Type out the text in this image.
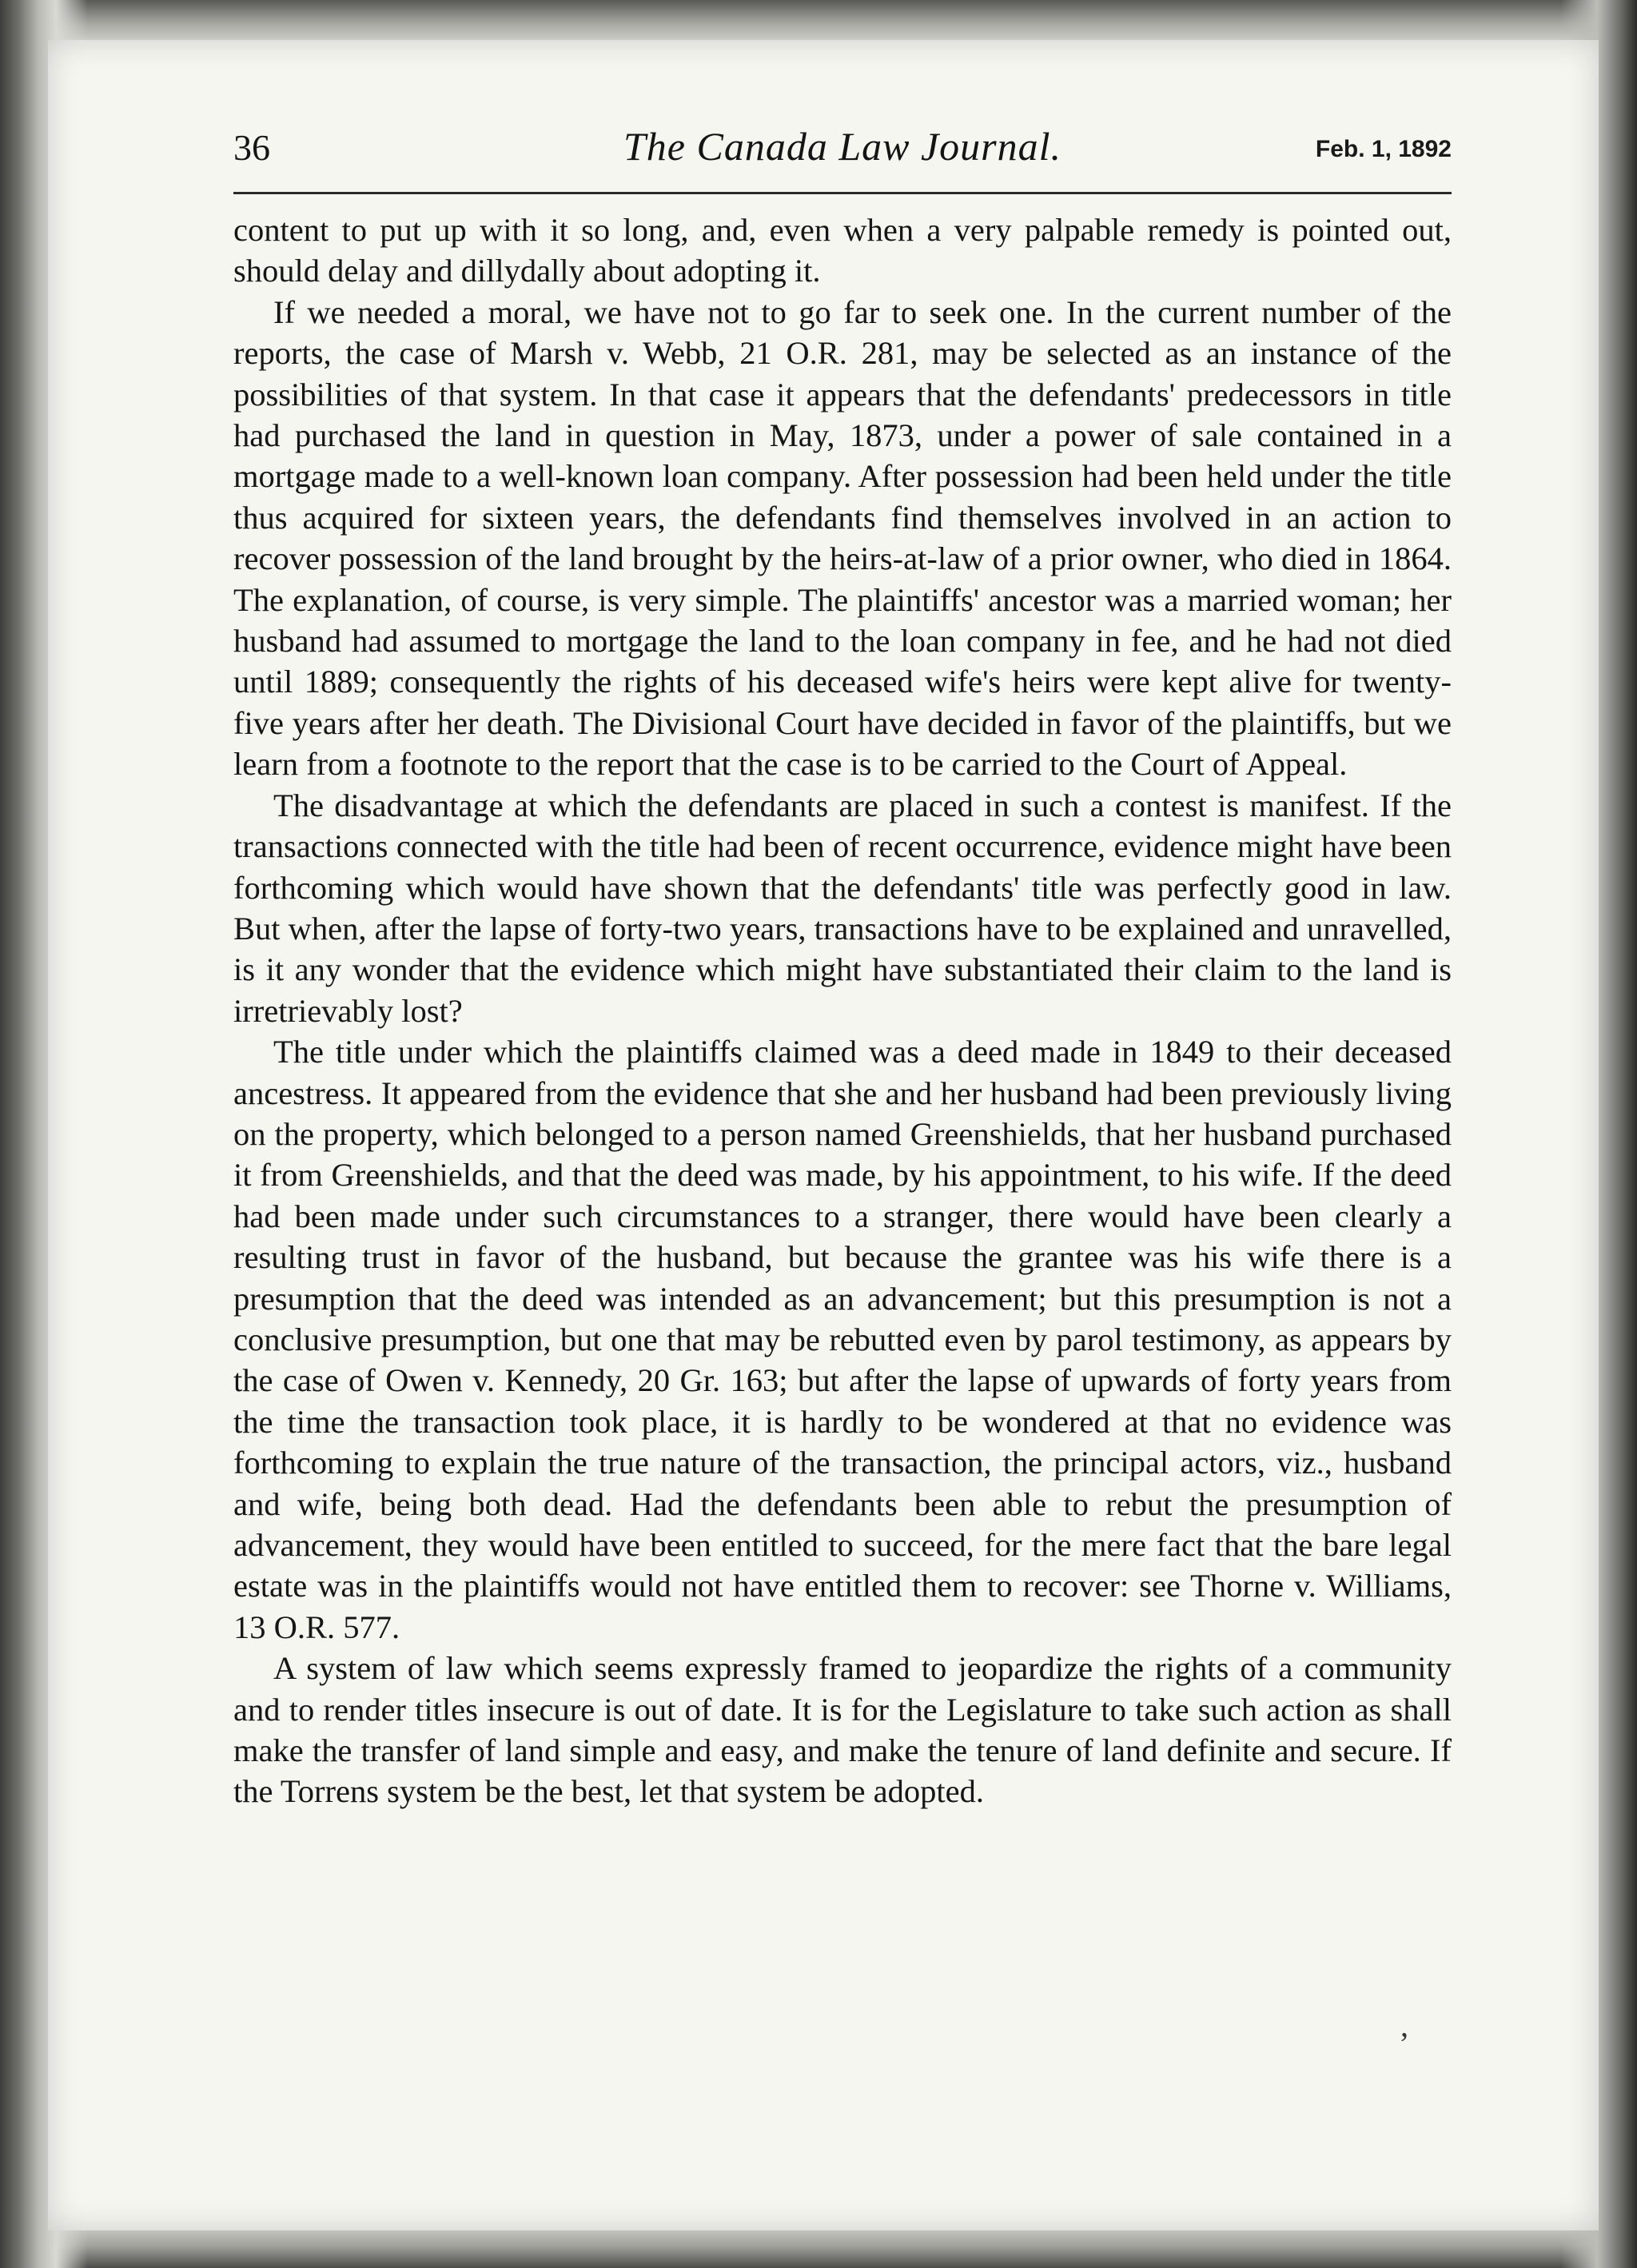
36	The Canada Law Journal.	Feb. 1, 1892

content to put up with it so long, and, even when a very palpable remedy is pointed out, should delay and dillydally about adopting it.

If we needed a moral, we have not to go far to seek one. In the current number of the reports, the case of Marsh v. Webb, 21 O.R. 281, may be selected as an instance of the possibilities of that system. In that case it appears that the defendants' predecessors in title had purchased the land in question in May, 1873, under a power of sale contained in a mortgage made to a well-known loan company. After possession had been held under the title thus acquired for sixteen years, the defendants find themselves involved in an action to recover possession of the land brought by the heirs-at-law of a prior owner, who died in 1864. The explanation, of course, is very simple. The plaintiffs' ancestor was a married woman; her husband had assumed to mortgage the land to the loan company in fee, and he had not died until 1889; consequently the rights of his deceased wife's heirs were kept alive for twenty-five years after her death. The Divisional Court have decided in favor of the plaintiffs, but we learn from a footnote to the report that the case is to be carried to the Court of Appeal.

The disadvantage at which the defendants are placed in such a contest is manifest. If the transactions connected with the title had been of recent occurrence, evidence might have been forthcoming which would have shown that the defendants' title was perfectly good in law. But when, after the lapse of forty-two years, transactions have to be explained and unravelled, is it any wonder that the evidence which might have substantiated their claim to the land is irretrievably lost?

The title under which the plaintiffs claimed was a deed made in 1849 to their deceased ancestress. It appeared from the evidence that she and her husband had been previously living on the property, which belonged to a person named Greenshields, that her husband purchased it from Greenshields, and that the deed was made, by his appointment, to his wife. If the deed had been made under such circumstances to a stranger, there would have been clearly a resulting trust in favor of the husband, but because the grantee was his wife there is a presumption that the deed was intended as an advancement; but this presumption is not a conclusive presumption, but one that may be rebutted even by parol testimony, as appears by the case of Owen v. Kennedy, 20 Gr. 163; but after the lapse of upwards of forty years from the time the transaction took place, it is hardly to be wondered at that no evidence was forthcoming to explain the true nature of the transaction, the principal actors, viz., husband and wife, being both dead. Had the defendants been able to rebut the presumption of advancement, they would have been entitled to succeed, for the mere fact that the bare legal estate was in the plaintiffs would not have entitled them to recover: see Thorne v. Williams, 13 O.R. 577.

A system of law which seems expressly framed to jeopardize the rights of a community and to render titles insecure is out of date. It is for the Legislature to take such action as shall make the transfer of land simple and easy, and make the tenure of land definite and secure. If the Torrens system be the best, let that system be adopted.

,
